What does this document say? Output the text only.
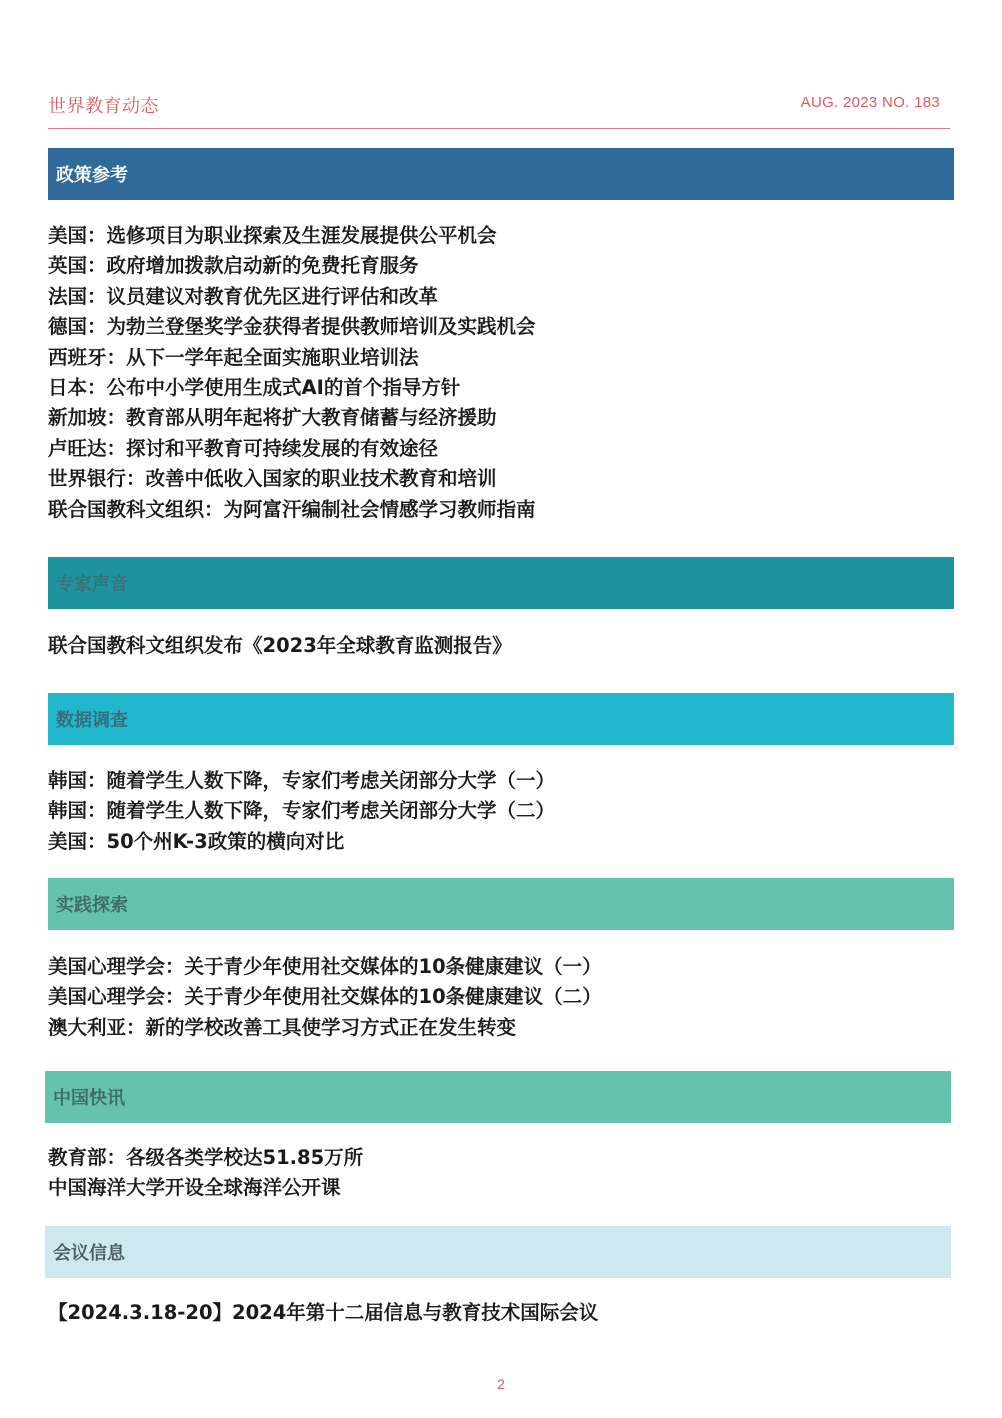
世界教育动态	AUG. 2023 NO. 183
政策参考
美国：选修项目为职业探索及生涯发展提供公平机会
英国：政府增加拨款启动新的免费托育服务
法国：议员建议对教育优先区进行评估和改革
德国：为勃兰登堡奖学金获得者提供教师培训及实践机会
西班牙：从下一学年起全面实施职业培训法
日本：公布中小学使用生成式AI的首个指导方针
新加坡：教育部从明年起将扩大教育储蓄与经济援助
卢旺达：探讨和平教育可持续发展的有效途径
世界银行：改善中低收入国家的职业技术教育和培训
联合国教科文组织：为阿富汗编制社会情感学习教师指南
专家声音
联合国教科文组织发布《2023年全球教育监测报告》
数据调查
韩国：随着学生人数下降，专家们考虑关闭部分大学（一）
韩国：随着学生人数下降，专家们考虑关闭部分大学（二）
美国：50个州K-3政策的横向对比
实践探索
美国心理学会：关于青少年使用社交媒体的10条健康建议（一）
美国心理学会：关于青少年使用社交媒体的10条健康建议（二）
澳大利亚：新的学校改善工具使学习方式正在发生转变
中国快讯
教育部：各级各类学校达51.85万所
中国海洋大学开设全球海洋公开课
会议信息
【2024.3.18-20】2024年第十二届信息与教育技术国际会议
2
